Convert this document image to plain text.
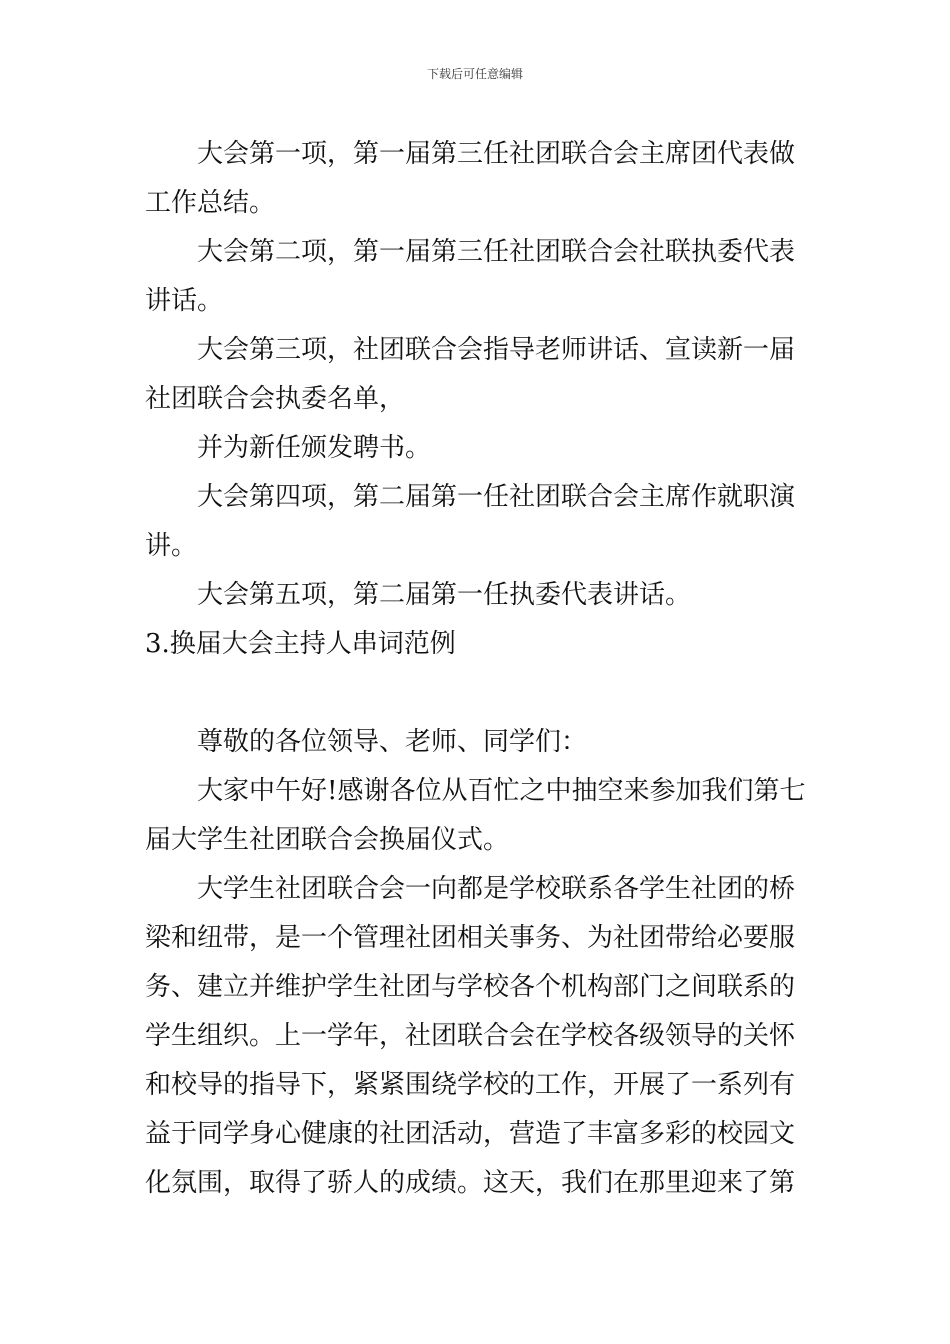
下载后可任意编辑

大会第一项，第一届第三任社团联合会主席团代表做工作总结。

大会第二项，第一届第三任社团联合会社联执委代表讲话。

大会第三项，社团联合会指导老师讲话、宣读新一届社团联合会执委名单，

并为新任颁发聘书。

大会第四项，第二届第一任社团联合会主席作就职演讲。

大会第五项，第二届第一任执委代表讲话。

3.换届大会主持人串词范例

尊敬的各位领导、老师、同学们：

大家中午好!感谢各位从百忙之中抽空来参加我们第七届大学生社团联合会换届仪式。

大学生社团联合会一向都是学校联系各学生社团的桥梁和纽带，是一个管理社团相关事务、为社团带给必要服务、建立并维护学生社团与学校各个机构部门之间联系的学生组织。上一学年，社团联合会在学校各级领导的关怀和校导的指导下，紧紧围绕学校的工作，开展了一系列有益于同学身心健康的社团活动，营造了丰富多彩的校园文化氛围，取得了骄人的成绩。这天，我们在那里迎来了第
